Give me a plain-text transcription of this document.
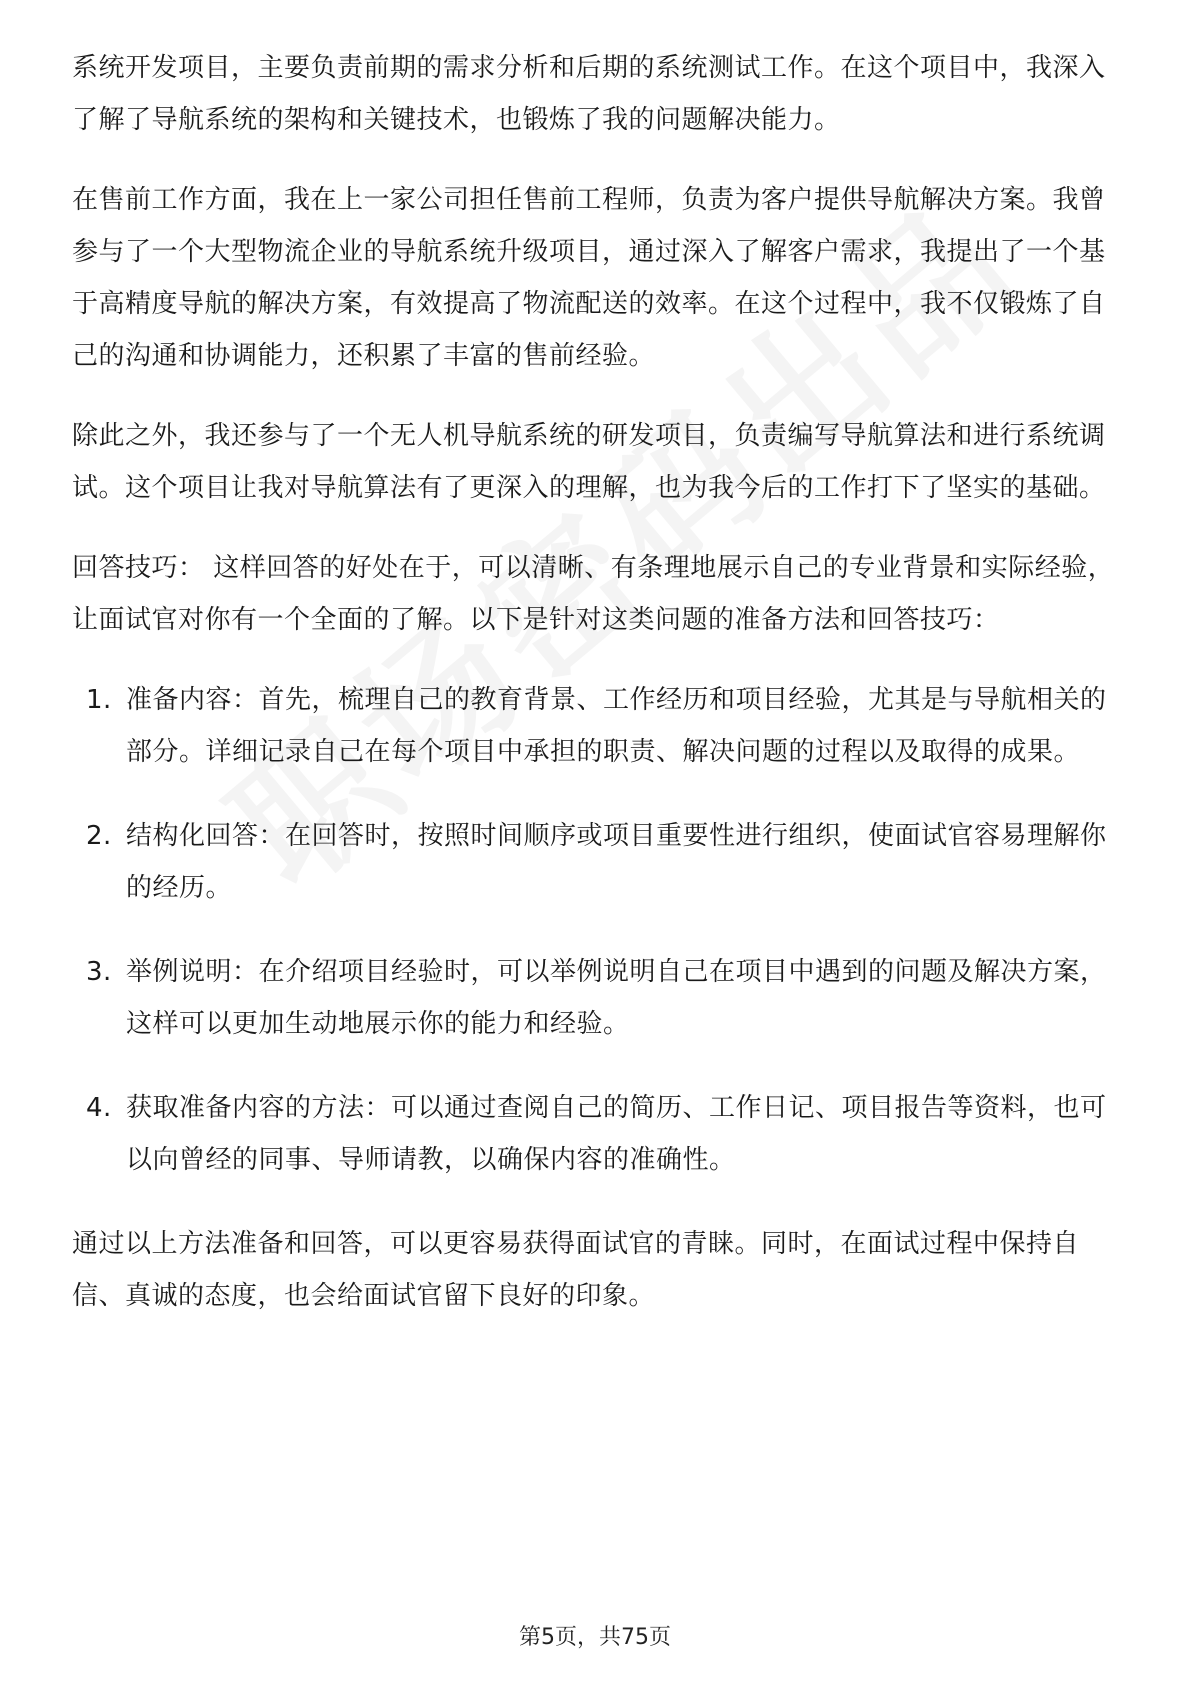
系统开发项目，主要负责前期的需求分析和后期的系统测试工作。在这个项目中，我深入了解了导航系统的架构和关键技术，也锻炼了我的问题解决能力。

在售前工作方面，我在上一家公司担任售前工程师，负责为客户提供导航解决方案。我曾参与了一个大型物流企业的导航系统升级项目，通过深入了解客户需求，我提出了一个基于高精度导航的解决方案，有效提高了物流配送的效率。在这个过程中，我不仅锻炼了自己的沟通和协调能力，还积累了丰富的售前经验。

除此之外，我还参与了一个无人机导航系统的研发项目，负责编写导航算法和进行系统调试。这个项目让我对导航算法有了更深入的理解，也为我今后的工作打下了坚实的基础。

回答技巧： 这样回答的好处在于，可以清晰、有条理地展示自己的专业背景和实际经验，让面试官对你有一个全面的了解。以下是针对这类问题的准备方法和回答技巧：

1. 准备内容：首先，梳理自己的教育背景、工作经历和项目经验，尤其是与导航相关的部分。详细记录自己在每个项目中承担的职责、解决问题的过程以及取得的成果。
2. 结构化回答：在回答时，按照时间顺序或项目重要性进行组织，使面试官容易理解你的经历。
3. 举例说明：在介绍项目经验时，可以举例说明自己在项目中遇到的问题及解决方案，这样可以更加生动地展示你的能力和经验。
4. 获取准备内容的方法：可以通过查阅自己的简历、工作日记、项目报告等资料，也可以向曾经的同事、导师请教，以确保内容的准确性。

通过以上方法准备和回答，可以更容易获得面试官的青睐。同时，在面试过程中保持自信、真诚的态度，也会给面试官留下良好的印象。

第5页，共75页
